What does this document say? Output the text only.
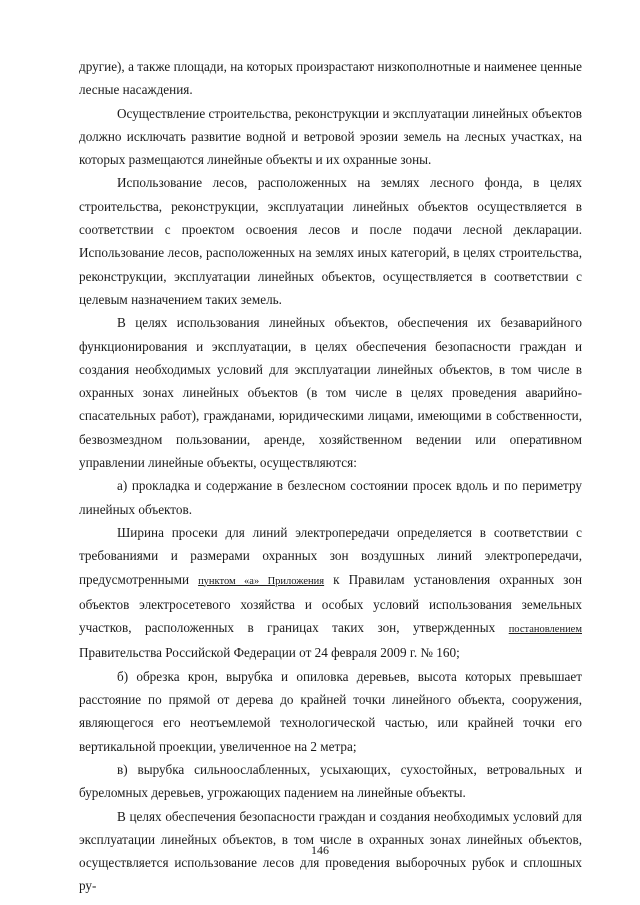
другие), а также площади, на которых произрастают низкополнотные и наименее ценные лесные насаждения.

Осуществление строительства, реконструкции и эксплуатации линейных объектов должно исключать развитие водной и ветровой эрозии земель на лесных участках, на которых размещаются линейные объекты и их охранные зоны.

Использование лесов, расположенных на землях лесного фонда, в целях строительства, реконструкции, эксплуатации линейных объектов осуществляется в соответствии с проектом освоения лесов и после подачи лесной декларации. Использование лесов, расположенных на землях иных категорий, в целях строительства, реконструкции, эксплуатации линейных объектов, осуществляется в соответствии с целевым назначением таких земель.

В целях использования линейных объектов, обеспечения их безаварийного функционирования и эксплуатации, в целях обеспечения безопасности граждан и создания необходимых условий для эксплуатации линейных объектов, в том числе в охранных зонах линейных объектов (в том числе в целях проведения аварийно-спасательных работ), гражданами, юридическими лицами, имеющими в собственности, безвозмездном пользовании, аренде, хозяйственном ведении или оперативном управлении линейные объекты, осуществляются:

а) прокладка и содержание в безлесном состоянии просек вдоль и по периметру линейных объектов.

Ширина просеки для линий электропередачи определяется в соответствии с требованиями и размерами охранных зон воздушных линий электропередачи, предусмотренными пунктом «а» Приложения к Правилам установления охранных зон объектов электросетевого хозяйства и особых условий использования земельных участков, расположенных в границах таких зон, утвержденных постановлением Правительства Российской Федерации от 24 февраля 2009 г. № 160;

б) обрезка крон, вырубка и опиловка деревьев, высота которых превышает расстояние по прямой от дерева до крайней точки линейного объекта, сооружения, являющегося его неотъемлемой технологической частью, или крайней точки его вертикальной проекции, увеличенное на 2 метра;

в) вырубка сильноослабленных, усыхающих, сухостойных, ветровальных и буреломных деревьев, угрожающих падением на линейные объекты.

В целях обеспечения безопасности граждан и создания необходимых условий для эксплуатации линейных объектов, в том числе в охранных зонах линейных объектов, осуществляется использование лесов для проведения выборочных рубок и сплошных ру-

146
